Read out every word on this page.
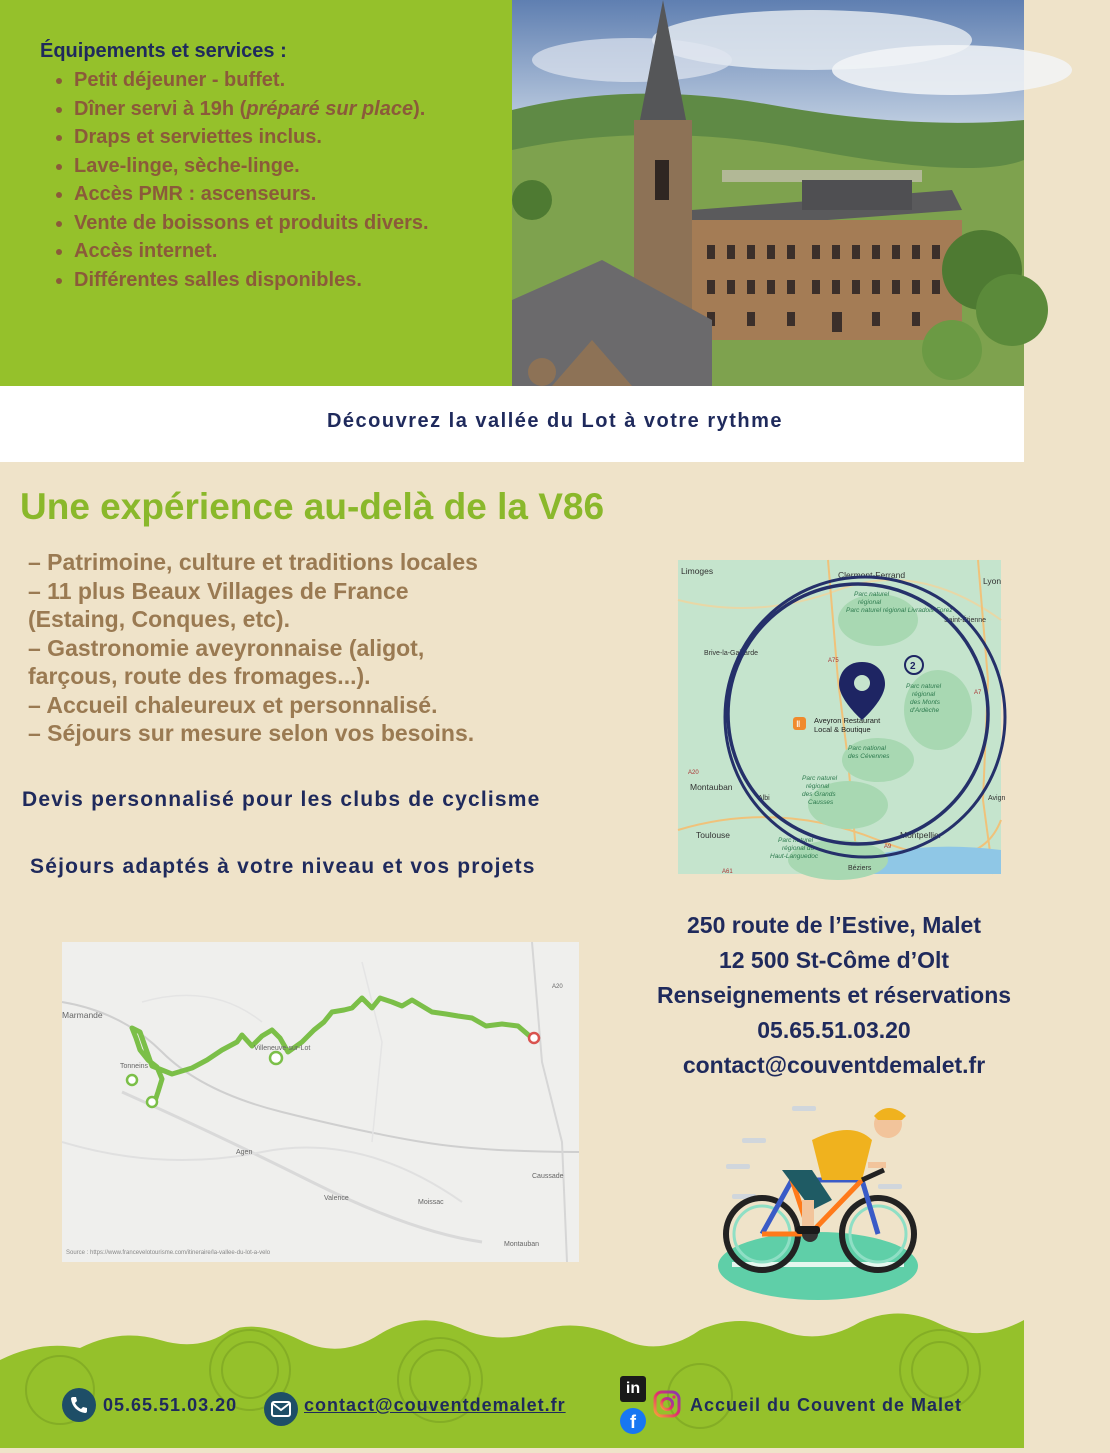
Équipements et services :
• Petit déjeuner - buffet.
• Dîner servi à 19h (préparé sur place).
• Draps et serviettes inclus.
• Lave-linge, sèche-linge.
• Accès PMR : ascenseurs.
• Vente de boissons et produits divers.
• Accès internet.
• Différentes salles disponibles.
Découvrez la vallée du Lot à votre rythme
Une expérience au-delà de la V86
– Patrimoine, culture et traditions locales
– 11 plus Beaux Villages de France
(Estaing, Conques, etc).
– Gastronomie aveyronnaise (aligot,
farçous, route des fromages...).
– Accueil chaleureux et personnalisé.
– Séjours sur mesure selon vos besoins.
Devis personnalisé pour les clubs de cyclisme
Séjours adaptés à votre niveau et vos projets
Limoges	Clermont-Ferrand
Lyon
Saint-Étienne
Brive-la-Gaillarde
A75
A20
Montauban
Albi	Avign
Toulouse	Montpellier
Béziers
A61
A9
A7
Parc naturel régional Parc naturel régional Livradois-Forez
Parc naturel régional des Monts d'Ardèche
Parc national des Cévennes
Parc naturel régional des Grands Causses
Parc naturel régional du Haut-Languedoc
Ⅱ Aveyron Restaurant Local & Boutique
2
Marmande
Tonneins
Villeneuve-sur-Lot
Agen
Valence
Moissac
Caussade
Montauban
A20
Source : https://www.francevelotourisme.com/itineraire/la-vallee-du-lot-a-velo
250 route de l’Estive, Malet
12 500 St-Côme d’Olt
Renseignements et réservations
05.65.51.03.20
contact@couventdemalet.fr
05.65.51.03.20	contact@couventdemalet.fr
in
f
Accueil du Couvent de Malet
